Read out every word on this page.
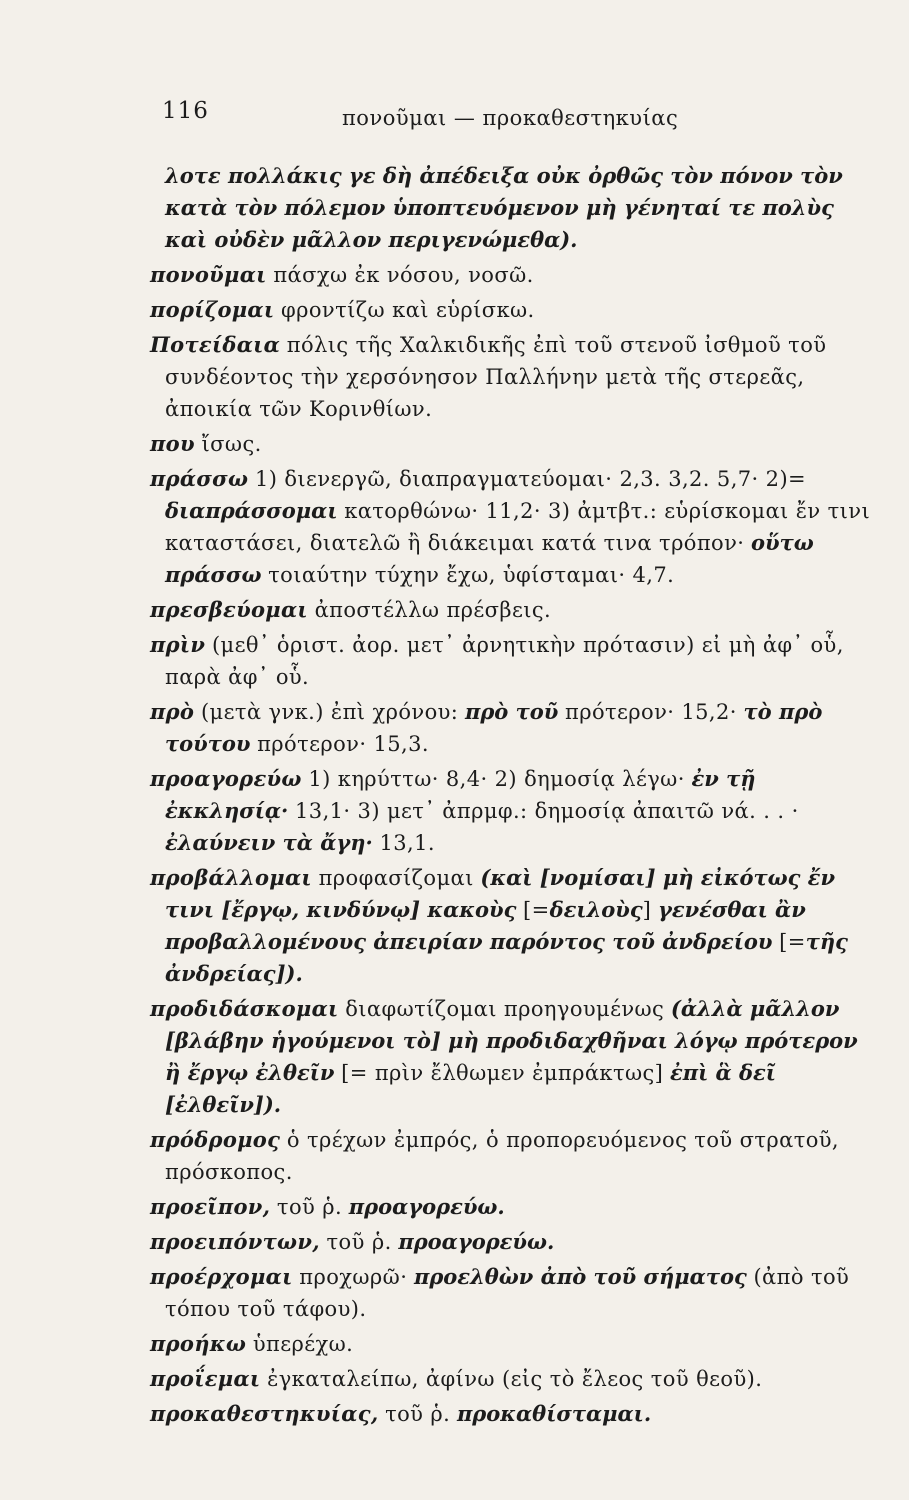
116	πονοῦμαι — προκαθεστηκυίας

λοτε πολλάκις γε δὴ ἀπέδειξα οὐκ ὀρθῶς τὸν πόνον τὸν κατὰ τὸν πόλεμον ὑποπτευόμενον μὴ γένηταί τε πολὺς καὶ οὐδὲν μᾶλλον περιγενώμεθα).

πονοῦμαι πάσχω ἐκ νόσου, νοσῶ.

πορίζομαι φροντίζω καὶ εὑρίσκω.

Ποτείδαια πόλις τῆς Χαλκιδικῆς ἐπὶ τοῦ στενοῦ ἰσθμοῦ τοῦ συνδέοντος τὴν χερσόνησον Παλλήνην μετὰ τῆς στερεᾶς, ἀποικία τῶν Κορινθίων.

που ἴσως.

πράσσω 1) διενεργῶ, διαπραγματεύομαι· 2,3. 3,2. 5,7· 2)= διαπράσσομαι κατορθώνω· 11,2· 3) ἀμτβτ.: εὑρίσκομαι ἔν τινι καταστάσει, διατελῶ ἢ διάκειμαι κατά τινα τρόπον· οὕτω πράσσω τοιαύτην τύχην ἔχω, ὑφίσταμαι· 4,7.

πρεσβεύομαι ἀποστέλλω πρέσβεις.

πρὶν (μεθ᾽ ὁριστ. ἀορ. μετ᾽ ἀρνητικὴν πρότασιν) εἰ μὴ ἀφ᾽ οὗ, παρὰ ἀφ᾽ οὗ.

πρὸ (μετὰ γνκ.) ἐπὶ χρόνου: πρὸ τοῦ πρότερον· 15,2· τὸ πρὸ τούτου πρότερον· 15,3.

προαγορεύω 1) κηρύττω· 8,4· 2) δημοσίᾳ λέγω· ἐν τῇ ἐκκλησίᾳ· 13,1· 3) μετ᾽ ἀπρμφ.: δημοσίᾳ ἀπαιτῶ νά. . . · ἐλαύνειν τὰ ἄγη· 13,1.

προβάλλομαι προφασίζομαι (καὶ [νομίσαι] μὴ εἰκότως ἔν τινι [ἔργῳ, κινδύνῳ] κακοὺς [=δειλοὺς] γενέσθαι ἂν προβαλλομένους ἀπειρίαν παρόντος τοῦ ἀνδρείου [=τῆς ἀνδρείας]).

προδιδάσκομαι διαφωτίζομαι προηγουμένως (ἀλλὰ μᾶλλον [βλάβην ἡγούμενοι τὸ] μὴ προδιδαχθῆναι λόγῳ πρότερον ἢ ἔργῳ ἐλθεῖν [= πρὶν ἔλθωμεν ἐμπράκτως] ἐπὶ ἃ δεῖ [ἐλθεῖν]).

πρόδρομος ὁ τρέχων ἐμπρός, ὁ προπορευόμενος τοῦ στρατοῦ, πρόσκοπος.

προεῖπον, τοῦ ῥ. προαγορεύω.

προειπόντων, τοῦ ῥ. προαγορεύω.

προέρχομαι προχωρῶ· προελθὼν ἀπὸ τοῦ σήματος (ἀπὸ τοῦ τόπου τοῦ τάφου).

προήκω ὑπερέχω.

προΐεμαι ἐγκαταλείπω, ἀφίνω (εἰς τὸ ἔλεος τοῦ θεοῦ).

προκαθεστηκυίας, τοῦ ῥ. προκαθίσταμαι.
